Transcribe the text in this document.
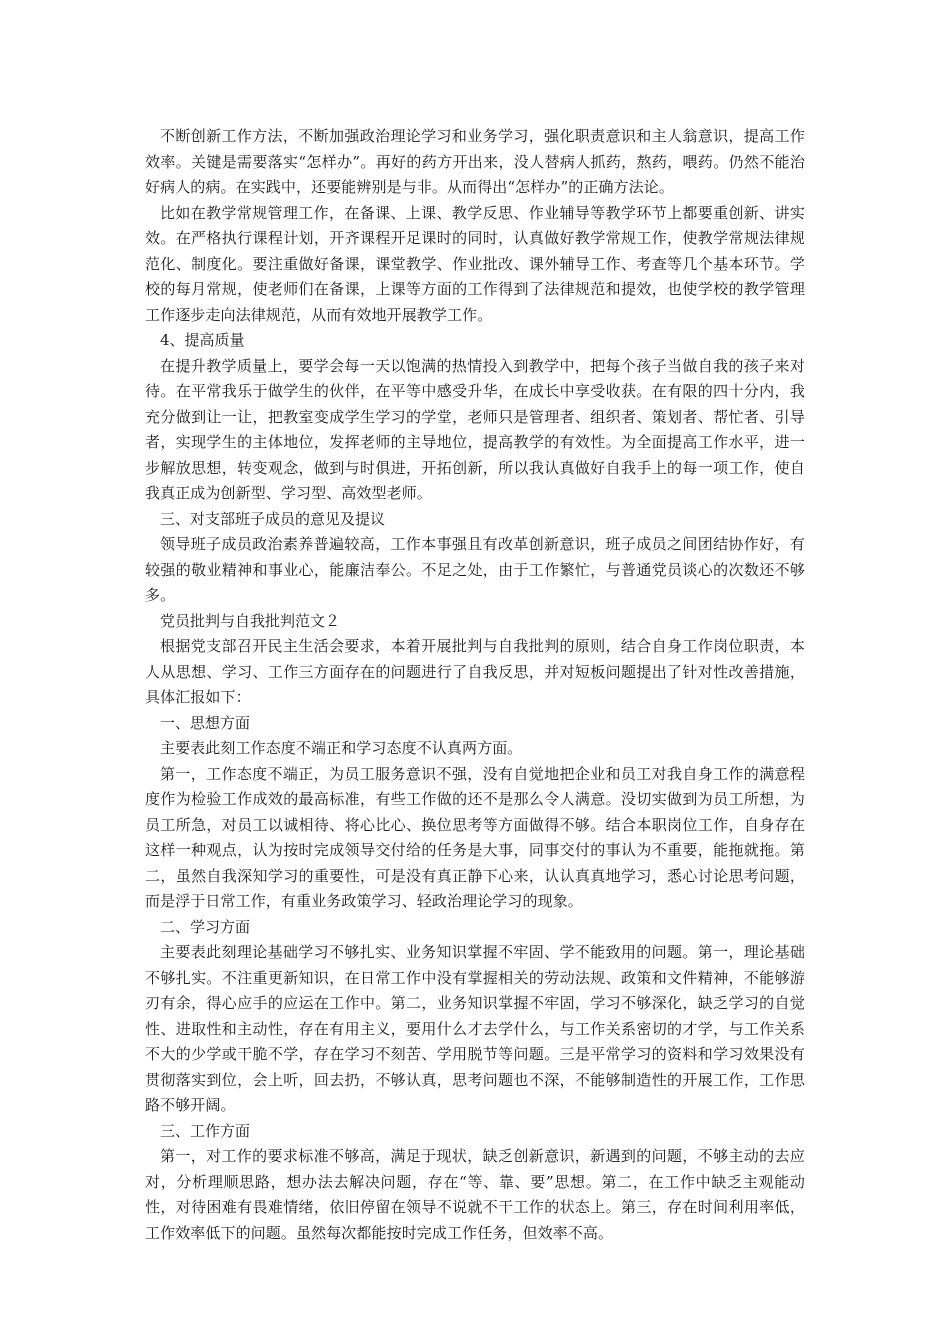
不断创新工作方法，不断加强政治理论学习和业务学习，强化职责意识和主人翁意识，提高工作效率。关键是需要落实“怎样办”。再好的药方开出来，没人替病人抓药，熬药，喂药。仍然不能治好病人的病。在实践中，还要能辨别是与非。从而得出“怎样办”的正确方法论。

比如在教学常规管理工作，在备课、上课、教学反思、作业辅导等教学环节上都要重创新、讲实效。在严格执行课程计划，开齐课程开足课时的同时，认真做好教学常规工作，使教学常规法律规范化、制度化。要注重做好备课，课堂教学、作业批改、课外辅导工作、考查等几个基本环节。学校的每月常规，使老师们在备课，上课等方面的工作得到了法律规范和提效，也使学校的教学管理工作逐步走向法律规范，从而有效地开展教学工作。

4、提高质量

在提升教学质量上，要学会每一天以饱满的热情投入到教学中，把每个孩子当做自我的孩子来对待。在平常我乐于做学生的伙伴，在平等中感受升华，在成长中享受收获。在有限的四十分内，我充分做到让一让，把教室变成学生学习的学堂，老师只是管理者、组织者、策划者、帮忙者、引导者，实现学生的主体地位，发挥老师的主导地位，提高教学的有效性。为全面提高工作水平，进一步解放思想，转变观念，做到与时俱进，开拓创新，所以我认真做好自我手上的每一项工作，使自我真正成为创新型、学习型、高效型老师。

三、对支部班子成员的意见及提议

领导班子成员政治素养普遍较高，工作本事强且有改革创新意识，班子成员之间团结协作好，有较强的敬业精神和事业心，能廉洁奉公。不足之处，由于工作繁忙，与普通党员谈心的次数还不够多。

党员批判与自我批判范文２

根据党支部召开民主生活会要求，本着开展批判与自我批判的原则，结合自身工作岗位职责，本人从思想、学习、工作三方面存在的问题进行了自我反思，并对短板问题提出了针对性改善措施，具体汇报如下：

一、思想方面

主要表此刻工作态度不端正和学习态度不认真两方面。

第一，工作态度不端正，为员工服务意识不强，没有自觉地把企业和员工对我自身工作的满意程度作为检验工作成效的最高标准，有些工作做的还不是那么令人满意。没切实做到为员工所想，为员工所急，对员工以诚相待、将心比心、换位思考等方面做得不够。结合本职岗位工作，自身存在这样一种观点，认为按时完成领导交付给的任务是大事，同事交付的事认为不重要，能拖就拖。第二，虽然自我深知学习的重要性，可是没有真正静下心来，认认真真地学习，悉心讨论思考问题，而是浮于日常工作，有重业务政策学习、轻政治理论学习的现象。

二、学习方面

主要表此刻理论基础学习不够扎实、业务知识掌握不牢固、学不能致用的问题。第一，理论基础不够扎实。不注重更新知识，在日常工作中没有掌握相关的劳动法规、政策和文件精神，不能够游刃有余，得心应手的应运在工作中。第二，业务知识掌握不牢固，学习不够深化，缺乏学习的自觉性、进取性和主动性，存在有用主义，要用什么才去学什么，与工作关系密切的才学，与工作关系不大的少学或干脆不学，存在学习不刻苦、学用脱节等问题。三是平常学习的资料和学习效果没有贯彻落实到位，会上听，回去扔，不够认真，思考问题也不深，不能够制造性的开展工作，工作思路不够开阔。

三、工作方面

第一，对工作的要求标准不够高，满足于现状，缺乏创新意识，新遇到的问题，不够主动的去应对，分析理顺思路，想办法去解决问题，存在“等、靠、要”思想。第二，在工作中缺乏主观能动性，对待困难有畏难情绪，依旧停留在领导不说就不干工作的状态上。第三，存在时间利用率低，工作效率低下的问题。虽然每次都能按时完成工作任务，但效率不高。
